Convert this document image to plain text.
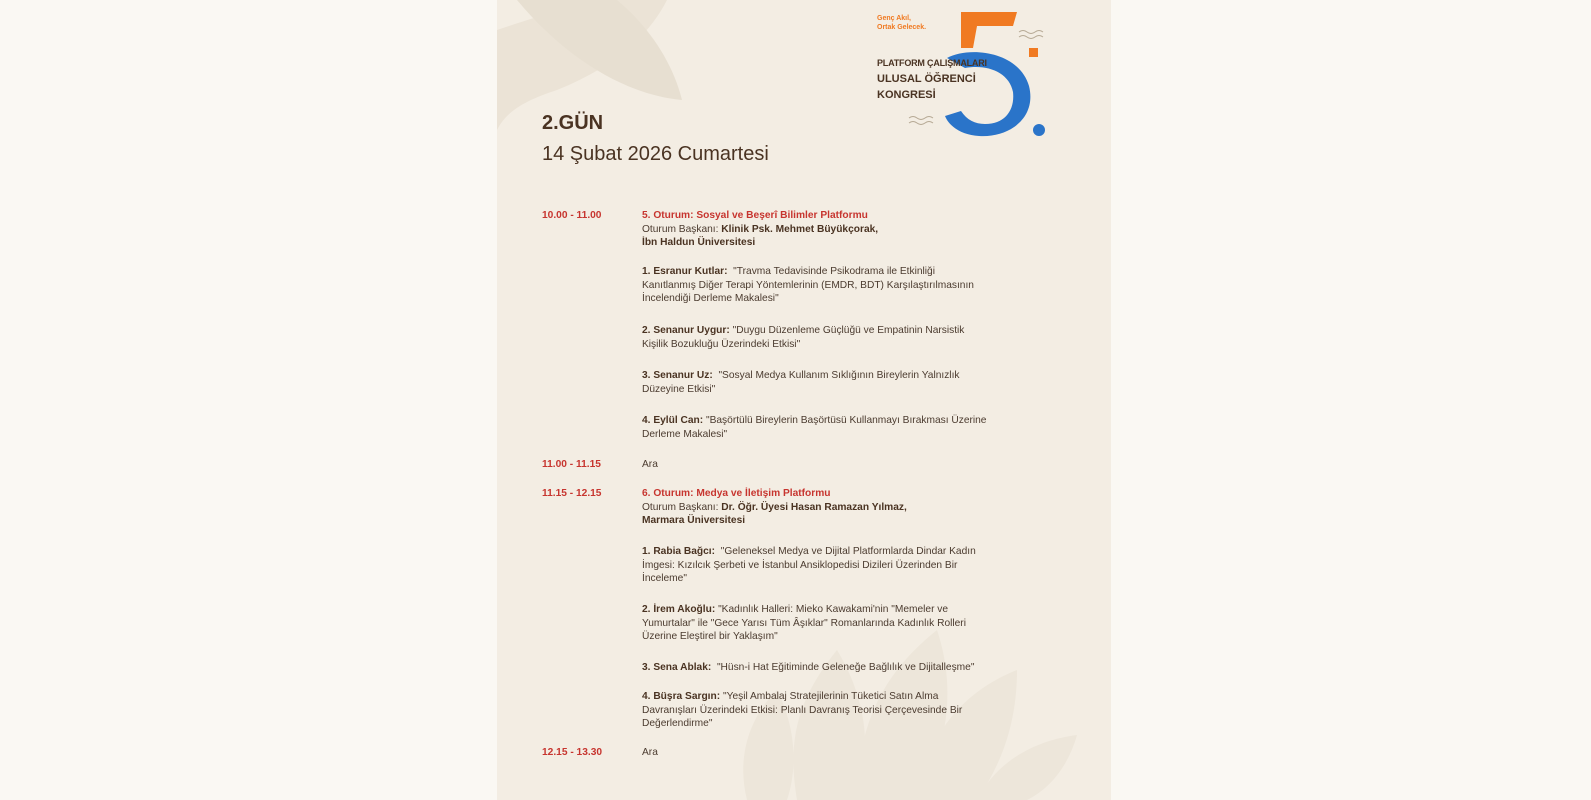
Genç Akıl,
Ortak Gelecek.
PLATFORM ÇALIŞMALARI
ULUSAL ÖĞRENCİ
KONGRESİ
2.GÜN
14 Şubat 2026 Cumartesi
10.00 - 11.00	5. Oturum: Sosyal ve Beşerî Bilimler Platformu
Oturum Başkanı: Klinik Psk. Mehmet Büyükçorak,
İbn Haldun Üniversitesi
1. Esranur Kutlar: "Travma Tedavisinde Psikodrama ile Etkinliği
Kanıtlanmış Diğer Terapi Yöntemlerinin (EMDR, BDT) Karşılaştırılmasının
İncelendiği Derleme Makalesi"
2. Senanur Uygur: "Duygu Düzenleme Güçlüğü ve Empatinin Narsistik
Kişilik Bozukluğu Üzerindeki Etkisi"
3. Senanur Uz: "Sosyal Medya Kullanım Sıklığının Bireylerin Yalnızlık
Düzeyine Etkisi"
4. Eylül Can: "Başörtülü Bireylerin Başörtüsü Kullanmayı Bırakması Üzerine
Derleme Makalesi"
11.00 - 11.15	Ara
11.15 - 12.15	6. Oturum: Medya ve İletişim Platformu
Oturum Başkanı: Dr. Öğr. Üyesi Hasan Ramazan Yılmaz,
Marmara Üniversitesi
1. Rabia Bağcı: "Geleneksel Medya ve Dijital Platformlarda Dindar Kadın
İmgesi: Kızılcık Şerbeti ve İstanbul Ansiklopedisi Dizileri Üzerinden Bir
İnceleme"
2. İrem Akoğlu: "Kadınlık Halleri: Mieko Kawakami'nin "Memeler ve
Yumurtalar" ile "Gece Yarısı Tüm Âşıklar" Romanlarında Kadınlık Rolleri
Üzerine Eleştirel bir Yaklaşım"
3. Sena Ablak: "Hüsn-i Hat Eğitiminde Geleneğe Bağlılık ve Dijitalleşme"
4. Büşra Sargın: "Yeşil Ambalaj Stratejilerinin Tüketici Satın Alma
Davranışları Üzerindeki Etkisi: Planlı Davranış Teorisi Çerçevesinde Bir
Değerlendirme"
12.15 - 13.30	Ara
